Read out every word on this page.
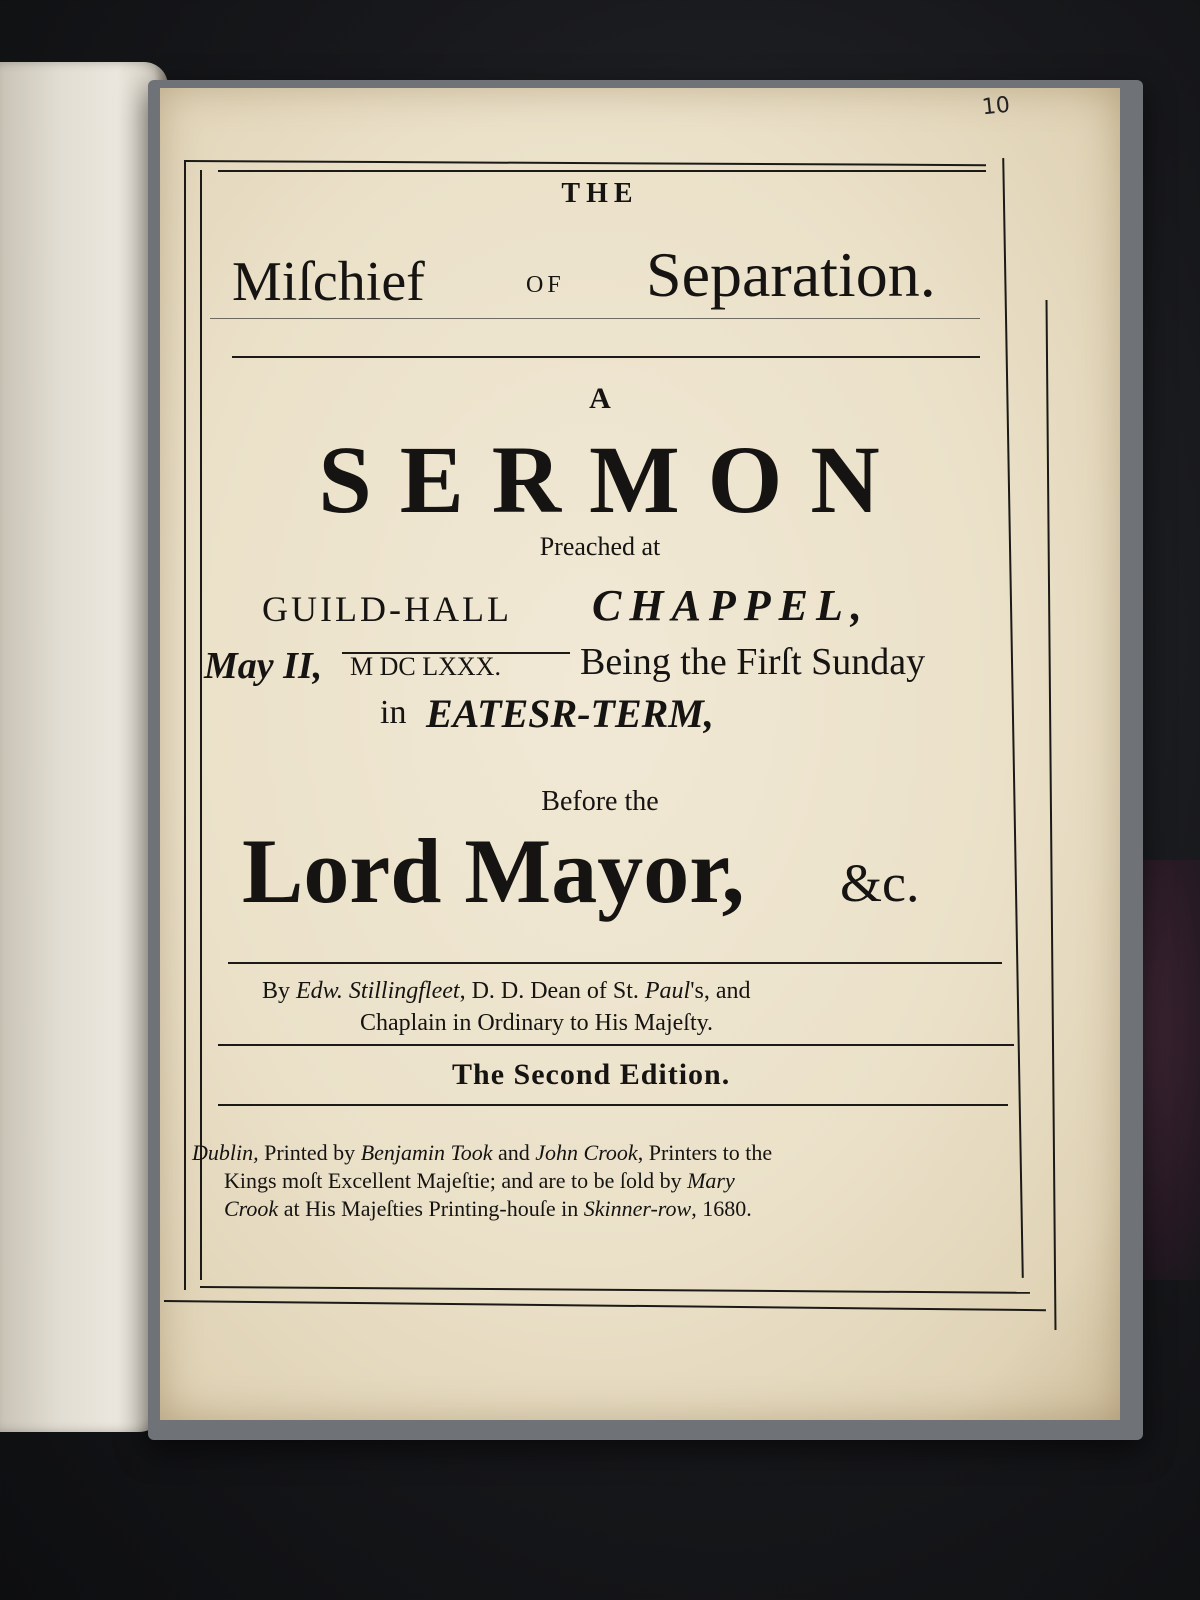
10
THE
Miſchief	OF Separation.
A
S E R M O N
Preached at
GUILD-HALL CHAPPEL,
May II, M DC LXXX. Being the Firſt Sunday
in EATESR-TERM,
Before the
Lord Mayor, &c.
By Edw. Stillingfleet, D. D. Dean of St. Paul's, and
Chaplain in Ordinary to His Majeſty.
The Second Edition.
Dublin, Printed by Benjamin Took and John Crook, Printers to the
Kings moſt Excellent Majeſtie; and are to be ſold by Mary
Crook at His Majeſties Printing-houſe in Skinner-row, 1680.
